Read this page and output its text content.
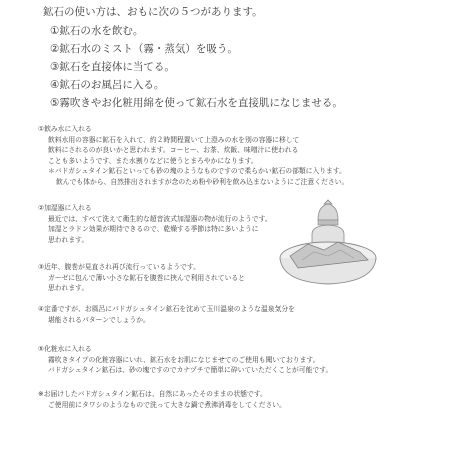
鉱石の使い方は、おもに次の５つがあります。
①鉱石の水を飲む。
②鉱石水のミスト（霧・蒸気）を吸う。
③鉱石を直接体に当てる。
④鉱石のお風呂に入る。
⑤霧吹きやお化粧用綿を使って鉱石水を直接肌になじませる。
①飲み水に入れる
飲料水用の容器に鉱石を入れて、約２時間程置いて上澄みの水を別の容器に移して
飲料にされるのが良いかと思われます。コーヒー、お茶、炊飯、味噌汁に使われる
ことも多いようです、また水割りなどに使うとまろやかになります。
＊バドガシュタイン鉱石といっても砂の塊のようなものですので柔らかい鉱石の部類に入ります。
飲んでも体から、自然排出されますが念のため粉や砂利を飲み込まないようにご注意ください。
②加湿器に入れる
最近では、すべて洗えて衛生的な超音波式加湿器の物が流行のようです。
加湿とラドン効果が期待できるので、乾燥する季節は特に多いように
思われます。
③近年、腹巻が見直され再び流行っているようです。
ガーゼに包んで薄い小さな鉱石を腹巻に挟んで利用されていると
思われます。
④定番ですが、お風呂にバドガシュタイン鉱石を沈めて玉川温泉のような温泉気分を
堪能されるパターンでしょうか。
⑤化粧水に入れる
霧吹きタイプの化粧容器にいれ、鉱石水をお肌になじませてのご使用も聞いております。
バドガシュタイン鉱石は、砂の塊ですのでカナヅチで簡単に砕いていただくことが可能です。
※お届けしたバドガシュタイン鉱石は、自然にあったそのままの状態です。
ご使用前にタワシのようなもので洗って大きな鍋で煮沸消毒をしてください。
